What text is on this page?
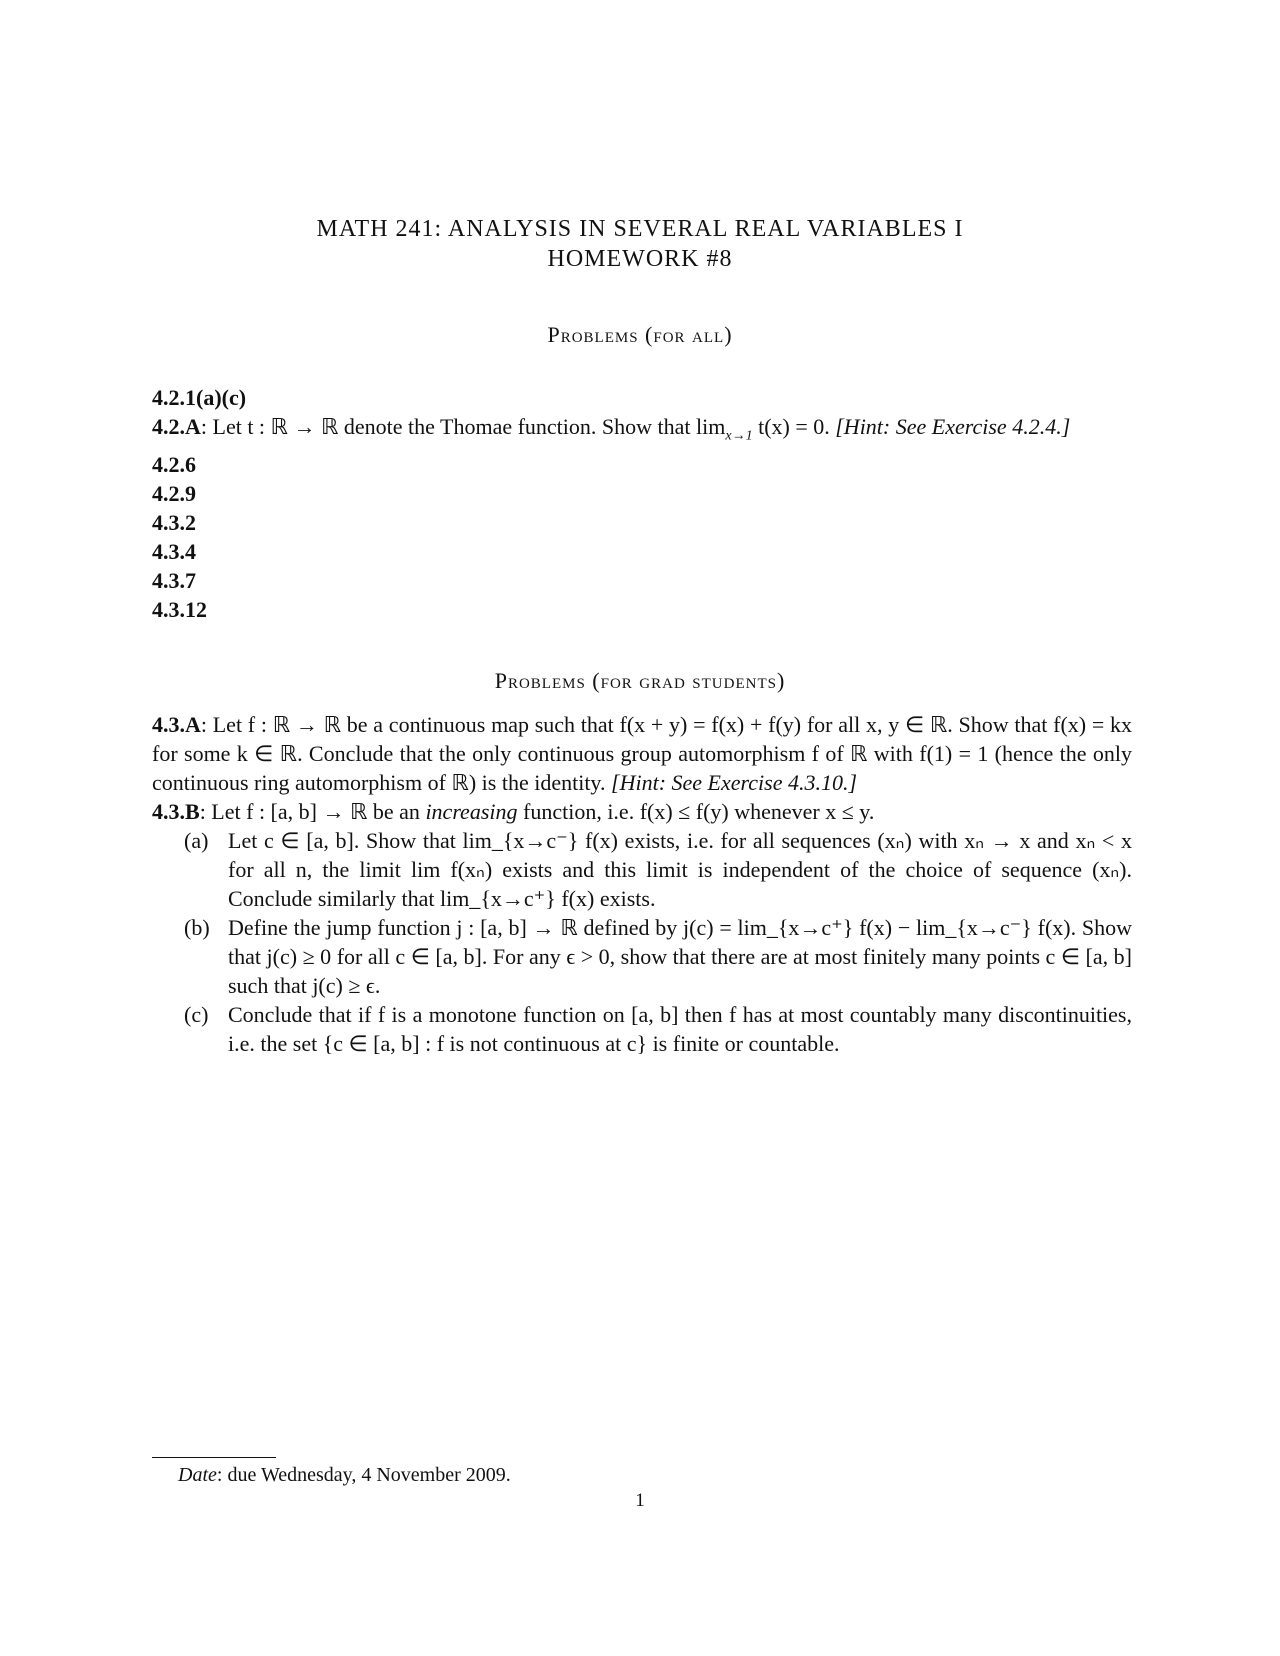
MATH 241: ANALYSIS IN SEVERAL REAL VARIABLES I
HOMEWORK #8
Problems (for all)
4.2.1(a)(c)
4.2.A: Let t : ℝ → ℝ denote the Thomae function. Show that $\lim_{x\to 1} t(x) = 0$. [Hint: See Exercise 4.2.4.]
4.2.6
4.2.9
4.3.2
4.3.4
4.3.7
4.3.12
Problems (for grad students)
4.3.A: Let f : ℝ → ℝ be a continuous map such that f(x + y) = f(x) + f(y) for all x, y ∈ ℝ. Show that f(x) = kx for some k ∈ ℝ. Conclude that the only continuous group automorphism f of ℝ with f(1) = 1 (hence the only continuous ring automorphism of ℝ) is the identity. [Hint: See Exercise 4.3.10.]
4.3.B: Let f : [a, b] → ℝ be an increasing function, i.e. f(x) ≤ f(y) whenever x ≤ y.
(a) Let c ∈ [a, b]. Show that lim_{x→c⁻} f(x) exists, i.e. for all sequences (xₙ) with xₙ → x and xₙ < x for all n, the limit lim f(xₙ) exists and this limit is independent of the choice of sequence (xₙ). Conclude similarly that lim_{x→c⁺} f(x) exists.
(b) Define the jump function j : [a, b] → ℝ defined by j(c) = lim_{x→c⁺} f(x) − lim_{x→c⁻} f(x). Show that j(c) ≥ 0 for all c ∈ [a, b]. For any ϵ > 0, show that there are at most finitely many points c ∈ [a, b] such that j(c) ≥ ϵ.
(c) Conclude that if f is a monotone function on [a, b] then f has at most countably many discontinuities, i.e. the set {c ∈ [a, b] : f is not continuous at c} is finite or countable.
Date: due Wednesday, 4 November 2009.
1
